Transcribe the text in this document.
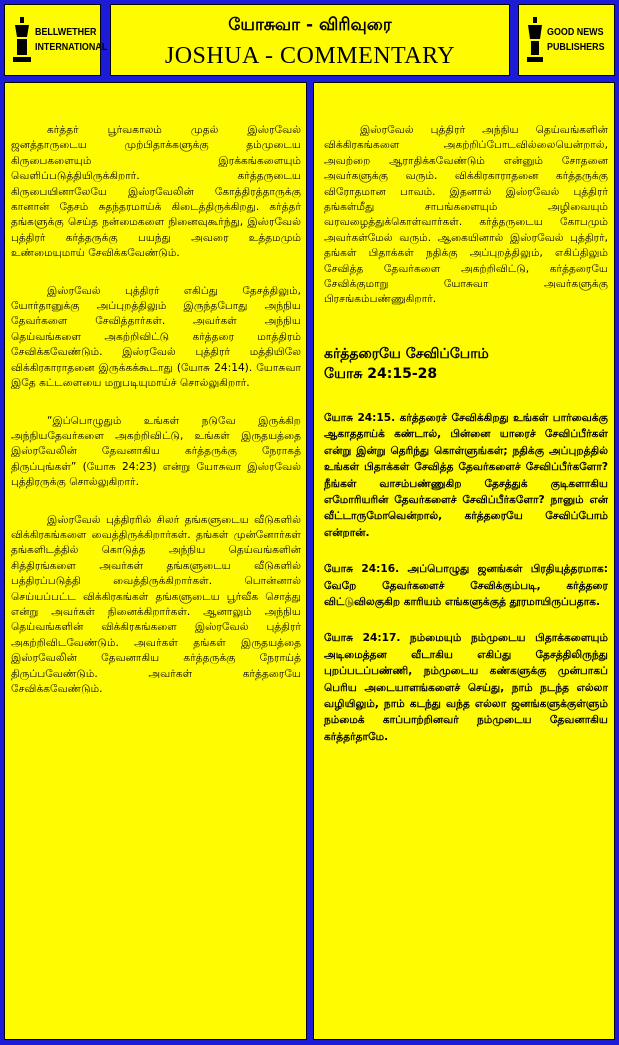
BELLWETHER
INTERNATIONAL
யோசுவா - விரிவுரை
JOSHUA - COMMENTARY
GOOD NEWS
PUBLISHERS

கர்த்தர் பூர்வகாலம் முதல் இஸ்ரவேல் ஜனத்தாருடைய முற்பிதாக்களுக்கு தம்முடைய கிருபைகளையும் இரக்கங்களையும் வெளிப்படுத்தியிருக்கிறார். கர்த்தருடைய கிருபையினாலேயே இஸ்ரவேலின் கோத்திரத்தாருக்கு கானான் தேசம் சுதந்தரமாய்க் கிடைத்திருக்கிறது. கர்த்தர் தங்களுக்கு செய்த நன்மைகளை நினைவுகூர்ந்து, இஸ்ரவேல் புத்திரர் கர்த்தருக்கு பயந்து அவரை உத்தமமும் உண்மையுமாய் சேவிக்கவேண்டும்.

இஸ்ரவேல் புத்திரர் எகிப்து தேசத்திலும், யோர்தானுக்கு அப்புறத்திலும் இருந்தபோது அந்நிய தேவர்களை சேவித்தார்கள். அவர்கள் அந்நிய தெய்வங்களை அகற்றிவிட்டு கர்த்தரை மாத்திரம் சேவிக்கவேண்டும். இஸ்ரவேல் புத்திரர் மத்தியிலே விக்கிரகாராதனை இருக்கக்கூடாது (யோசு 24:14). யோசுவா இதே கட்டளையை மறுபடியுமாய்ச் சொல்லுகிறார்.

“இப்பொழுதும் உங்கள் நடுவே இருக்கிற அந்நியதேவர்களை அகற்றிவிட்டு, உங்கள் இருதயத்தை இஸ்ரவேலின் தேவனாகிய கர்த்தருக்கு நேராகத் திருப்புங்கள்” (யோசு 24:23) என்று யோசுவா இஸ்ரவேல் புத்திரருக்கு சொல்லுகிறார்.

இஸ்ரவேல் புத்திரரில் சிலர் தங்களுடைய வீடுகளில் விக்கிரகங்களை வைத்திருக்கிறார்கள். தங்கள் முன்னோர்கள் தங்களிடத்தில் கொடுத்த அந்நிய தெய்வங்களின் சித்திரங்களை அவர்கள் தங்களுடைய வீடுகளில் பத்திரப்படுத்தி வைத்திருக்கிறார்கள். பொன்னால் செய்யப்பட்ட விக்கிரகங்கள் தங்களுடைய பூர்வீக சொத்து என்று அவர்கள் நினைக்கிறார்கள். ஆனாலும் அந்நிய தெய்வங்களின் விக்கிரகங்களை இஸ்ரவேல் புத்திரர் அகற்றிவிடவேண்டும். அவர்கள் தங்கள் இருதயத்தை இஸ்ரவேலின் தேவனாகிய கர்த்தருக்கு நேராய்த் திருப்பவேண்டும். அவர்கள் கர்த்தரையே சேவிக்கவேண்டும்.

இஸ்ரவேல் புத்திரர் அந்நிய தெய்வங்களின் விக்கிரகங்களை அகற்றிப்போடவில்லையென்றால், அவற்றை ஆராதிக்கவேண்டும் என்னும் சோதனை அவர்களுக்கு வரும். விக்கிரகாராதனை கர்த்தருக்கு விரோதமான பாவம். இதனால் இஸ்ரவேல் புத்திரர் தங்கள்மீது சாபங்களையும் அழிவையும் வரவழைத்துக்கொள்வார்கள். கர்த்தருடைய கோபமும் அவர்கள்மேல் வரும். ஆகையினால் இஸ்ரவேல் புத்திரர், தங்கள் பிதாக்கள் நதிக்கு அப்புறத்திலும், எகிப்திலும் சேவித்த தேவர்களை அகற்றிவிட்டு, கர்த்தரையே சேவிக்குமாறு யோசுவா அவர்களுக்கு பிரசங்கம்பண்ணுகிறார்.

கர்த்தரையே சேவிப்போம்
யோசு 24:15-28
யோசு 24:15. கர்த்தரைச் சேவிக்கிறது உங்கள் பார்வைக்கு ஆகாததாய்க் கண்டால், பின்னை யாரைச் சேவிப்பீர்கள் என்று இன்று தெரிந்து கொள்ளுங்கள்; நதிக்கு அப்புறத்தில் உங்கள் பிதாக்கள் சேவித்த தேவர்களைச் சேவிப்பீர்களோ? நீங்கள் வாசம்பண்ணுகிற தேசத்துக் குடிகளாகிய எமோரியரின் தேவர்களைச் சேவிப்பீர்களோ? நானும் என் வீட்டாருமோவென்றால், கர்த்தரையே சேவிப்போம் என்றான்.
யோசு 24:16. அப்பொழுது ஜனங்கள் பிரதியுத்தரமாக: வேறே தேவர்களைச் சேவிக்கும்படி, கர்த்தரை விட்டுவிலகுகிற காரியம் எங்களுக்குத் தூரமாயிருப்பதாக.
யோசு 24:17. நம்மையும் நம்முடைய பிதாக்களையும் அடிமைத்தன வீடாகிய எகிப்து தேசத்திலிருந்து புறப்படப்பண்ணி, நம்முடைய கண்களுக்கு முன்பாகப் பெரிய அடையாளங்களைச் செய்து, நாம் நடந்த எல்லா வழியிலும், நாம் கடந்து வந்த எல்லா ஜனங்களுக்குள்ளும் நம்மைக் காப்பாற்றினவர் நம்முடைய தேவனாகிய கர்த்தர்தாமே.
